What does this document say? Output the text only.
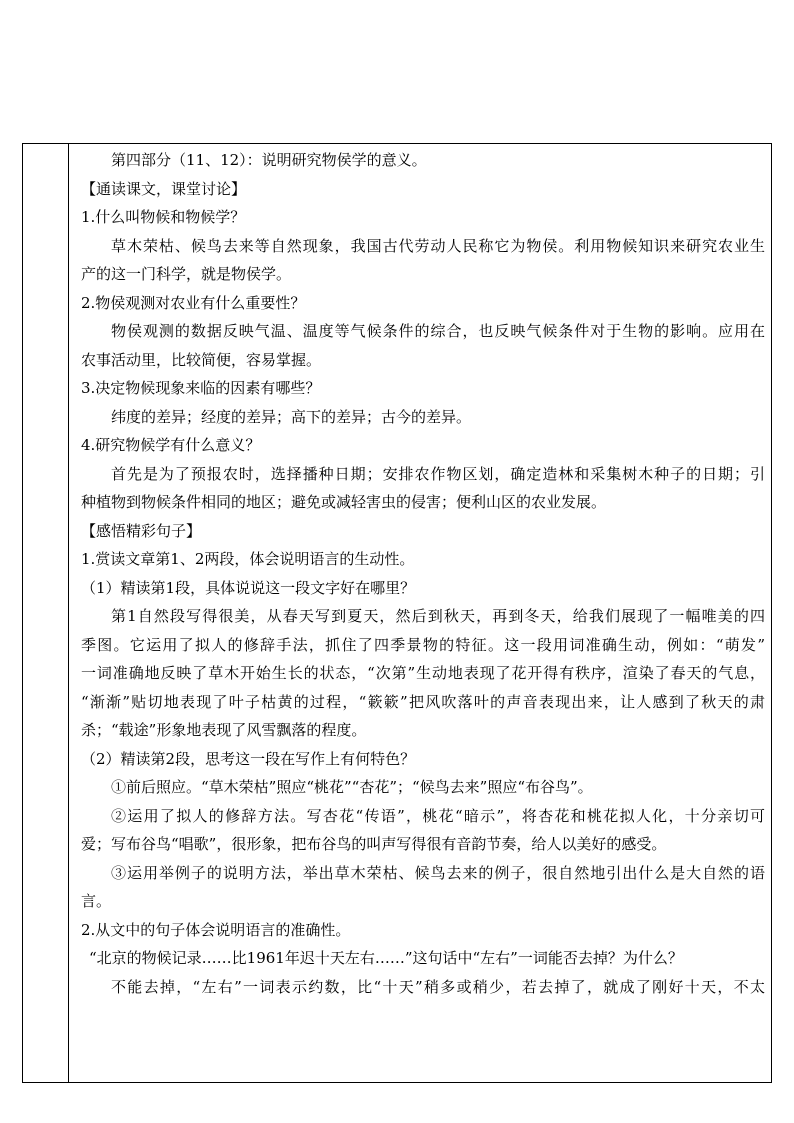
第四部分（11、12）：说明研究物侯学的意义。
【通读课文，课堂讨论】
1.什么叫物候和物候学？
草木荣枯、候鸟去来等自然现象，我国古代劳动人民称它为物侯。利用物候知识来研究农业生
产的这一门科学，就是物侯学。
2.物侯观测对农业有什么重要性？
物侯观测的数据反映气温、温度等气候条件的综合，也反映气候条件对于生物的影响。应用在
农事活动里，比较简便，容易掌握。
3.决定物候现象来临的因素有哪些？
纬度的差异；经度的差异；高下的差异；古今的差异。
4.研究物候学有什么意义？
首先是为了预报农时，选择播种日期；安排农作物区划，确定造林和采集树木种子的日期；引
种植物到物候条件相同的地区；避免或减轻害虫的侵害；便利山区的农业发展。
【感悟精彩句子】
1.赏读文章第1、2两段，体会说明语言的生动性。
（1）精读第1段，具体说说这一段文字好在哪里？
第1自然段写得很美，从春天写到夏天，然后到秋天，再到冬天，给我们展现了一幅唯美的四
季图。它运用了拟人的修辞手法，抓住了四季景物的特征。这一段用词准确生动，例如：“萌发”
一词准确地反映了草木开始生长的状态，“次第”生动地表现了花开得有秩序，渲染了春天的气息，
“渐渐”贴切地表现了叶子枯黄的过程，“簌簌”把风吹落叶的声音表现出来，让人感到了秋天的肃
杀；“载途”形象地表现了风雪飘落的程度。
（2）精读第2段，思考这一段在写作上有何特色？
①前后照应。“草木荣枯”照应“桃花”“杏花”；“候鸟去来”照应“布谷鸟”。
②运用了拟人的修辞方法。写杏花“传语”，桃花“暗示”，将杏花和桃花拟人化，十分亲切可
爱；写布谷鸟“唱歌”，很形象，把布谷鸟的叫声写得很有音韵节奏，给人以美好的感受。
③运用举例子的说明方法，举出草木荣枯、候鸟去来的例子，很自然地引出什么是大自然的语
言。
2.从文中的句子体会说明语言的准确性。
“北京的物候记录……比1961年迟十天左右……”这句话中“左右”一词能否去掉？为什么？
不能去掉，“左右”一词表示约数，比“十天”稍多或稍少，若去掉了，就成了刚好十天，不太
